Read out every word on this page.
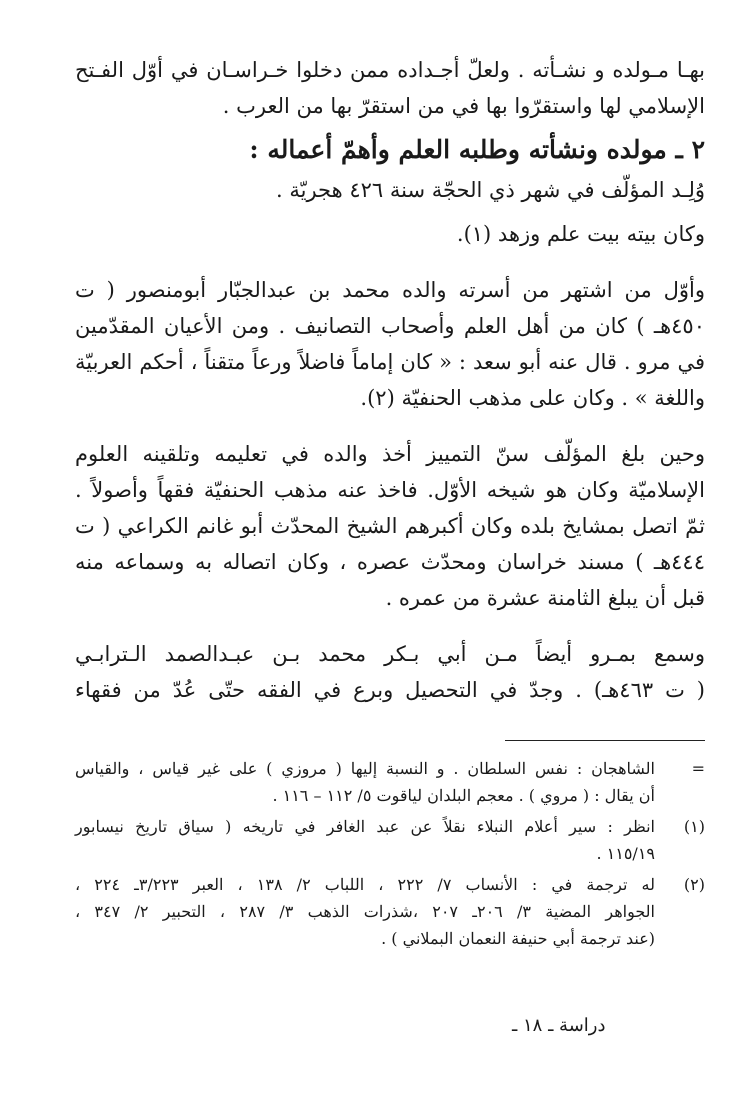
بهـا مـولده و نشـأته . ولعلّ أجـداده ممن دخلوا خـراسـان في أوّل الفـتح
الإسلامي لها واستقرّوا بها في من استقرّ بها من العرب .
٢ ـ مولده ونشأته وطلبه العلم وأهمّ أعماله :
وُلِـد المؤلّف في شهر ذي الحجّة سنة ٤٢٦ هجريّة .
وكان بيته بيت علم وزهد (١).
وأوّل من اشتهر من أسرته والده محمد بن عبدالجبّار أبومنصور ( ت
٤٥٠هـ ) كان من أهل العلم وأصحاب التصانيف . ومن الأعيان المقدّمين
في مرو . قال عنه أبو سعد : « كان إماماً فاضلاً ورعاً متقناً ، أحكم العربيّة
واللغة » . وكان على مذهب الحنفيّة (٢).
وحين بلغ المؤلّف سنّ التمييز أخذ والده في تعليمه وتلقينه العلوم
الإسلاميّة وكان هو شيخه الأوّل. فاخذ عنه مذهب الحنفيّة فقهاً وأصولاً .
ثمّ اتصل بمشايخ بلده وكان أكبرهم الشيخ المحدّث أبو غانم الكراعي ( ت
٤٤٤هـ ) مسند خراسان ومحدّث عصره ، وكان اتصاله به وسماعه منه
قبل أن يبلغ الثامنة عشرة من عمره .
وسمع بمـرو أيضاً مـن أبي بـكر محمد بـن عبـدالصمد الـترابـي
( ت ٤٦٣هـ) . وجدّ في التحصيل وبرع في الفقه حتّى عُدّ من فقهاء
=
الشاهجان : نفس السلطان . و النسبة إليها ( مروزي ) على غير قياس ، والقياس
أن يقال : ( مروي ) . معجم البلدان لياقوت ٥/ ١١٢ – ١١٦ .
(١)
انظر : سير أعلام النبلاء نقلاً عن عبد الغافر في تاريخه ( سياق تاريخ نيسابور
١١٥/١٩ .
(٢)
له ترجمة في : الأنساب ٧/ ٢٢٢ ، اللباب ٢/ ١٣٨ ، العبر ٣/٢٢٣ـ ٢٢٤ ،
الجواهر المضية ٣/ ٢٠٦ـ ٢٠٧ ،شذرات الذهب ٣/ ٢٨٧ ، التحبير ٢/ ٣٤٧ ،
(عند ترجمة أبي حنيفة النعمان البملاني ) .
دراسة ـ ١٨ ـ
